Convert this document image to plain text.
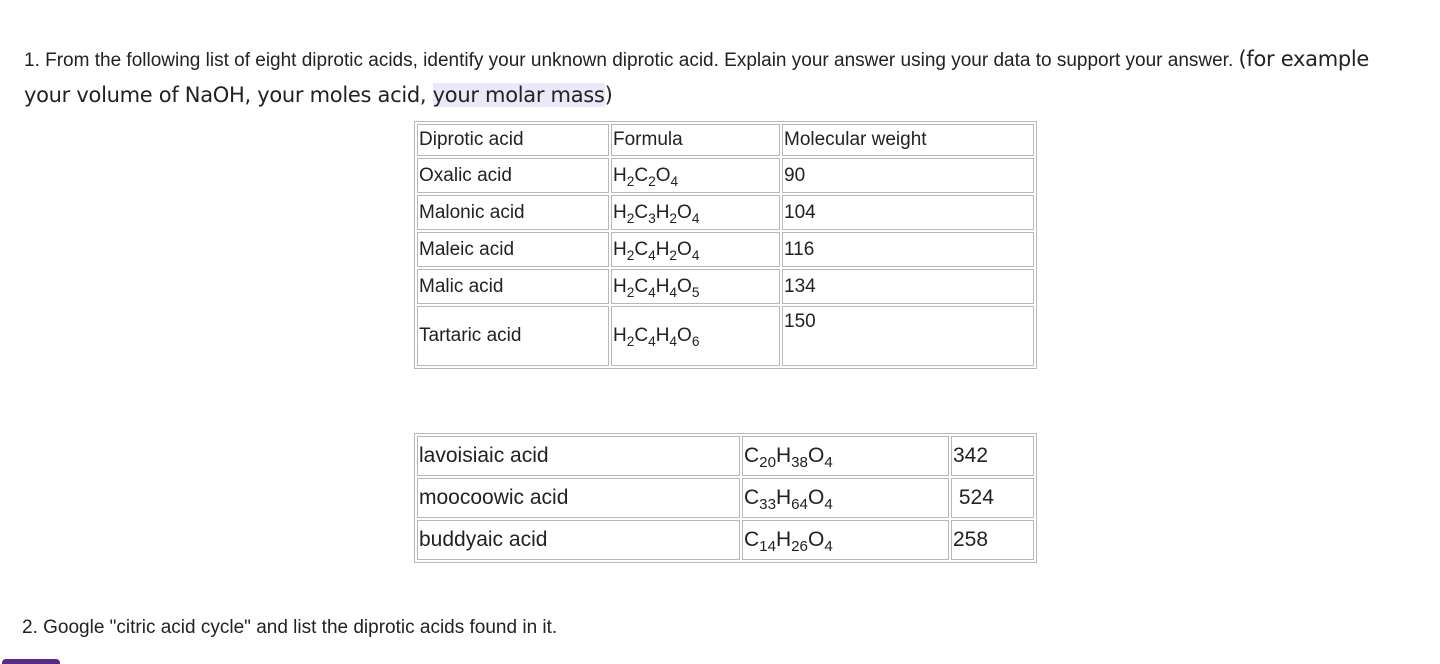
1. From the following list of eight diprotic acids, identify your unknown diprotic acid. Explain your answer using your data to support your answer. (for example your volume of NaOH, your moles acid, your molar mass)
Diprotic acid	Formula	Molecular weight
Oxalic acid	$H_2C_2O_4$	90
Malonic acid	$H_2C_3H_2O_4$	104
Maleic acid	$H_2C_4H_2O_4$	116
Malic acid	$H_2C_4H_4O_5$	134
Tartaric acid	$H_2C_4H_4O_6$	150
lavoisiaic acid	$C_{20}H_{38}O_4$	342
moocoowic acid	$C_{33}H_{64}O_4$	524
buddyaic acid	$C_{14}H_{26}O_4$	258
2. Google "citric acid cycle" and list the diprotic acids found in it.
